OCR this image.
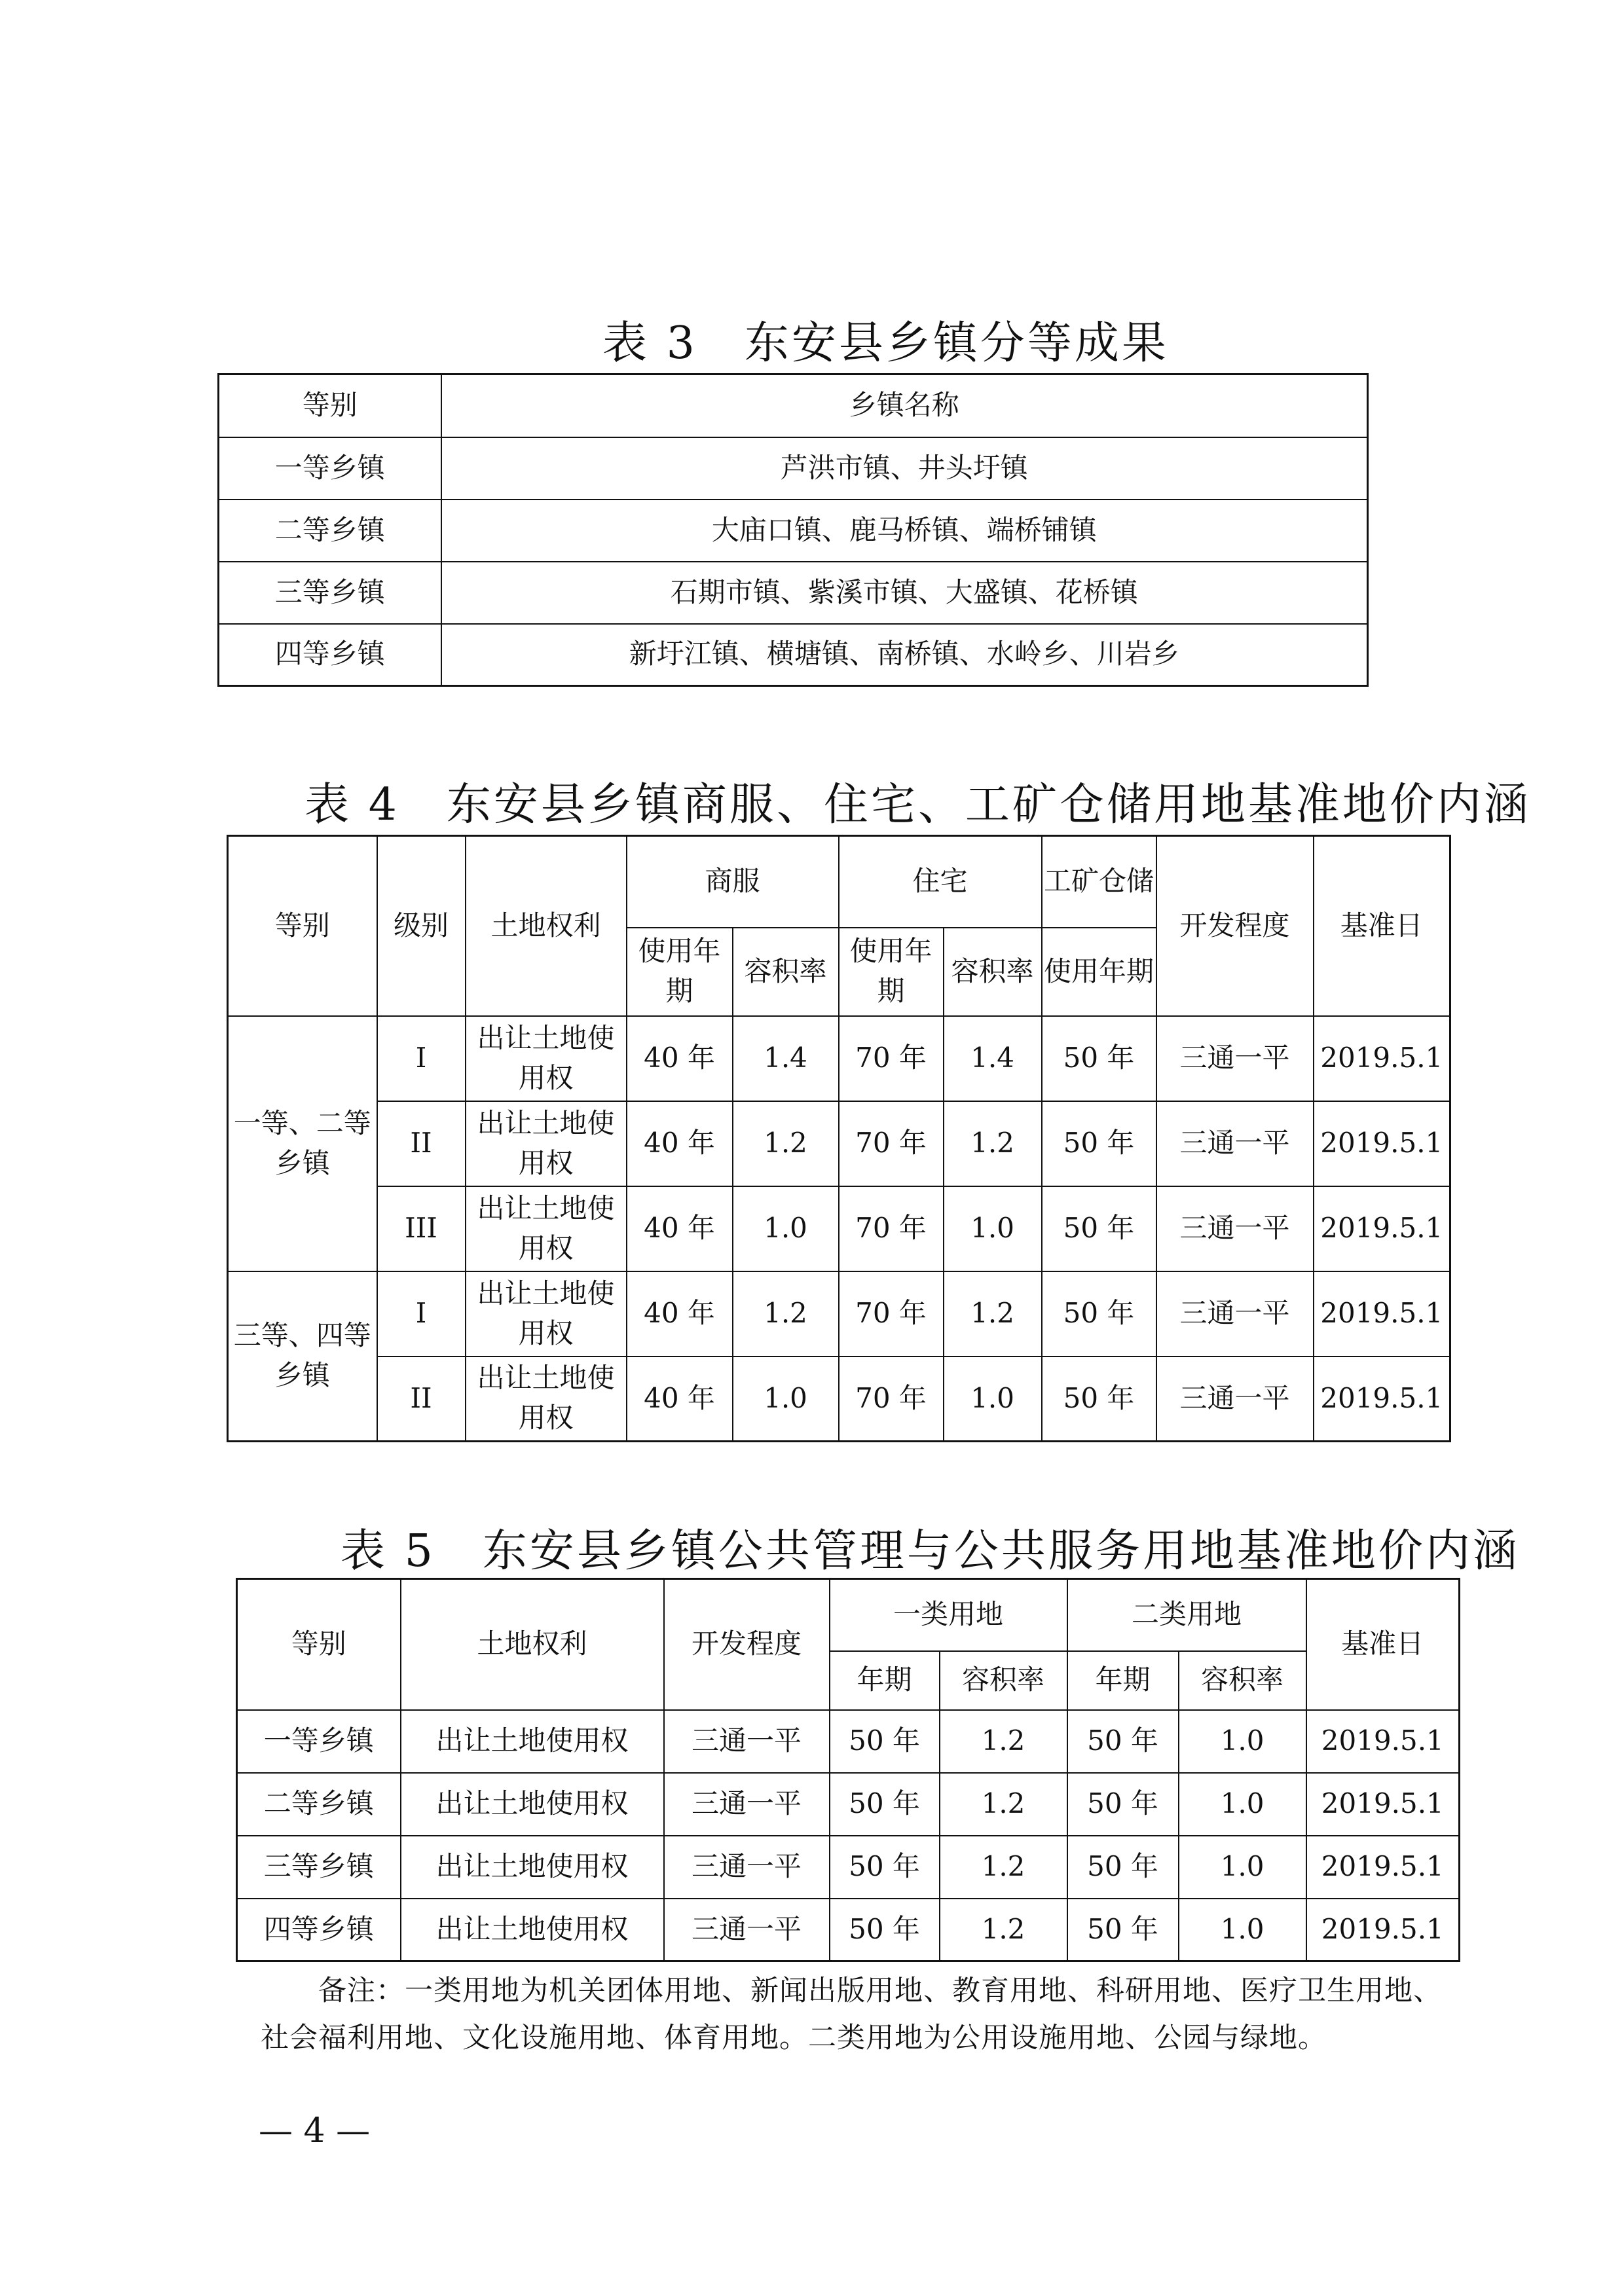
表 3　东安县乡镇分等成果
等别	乡镇名称
一等乡镇	芦洪市镇、井头圩镇
二等乡镇	大庙口镇、鹿马桥镇、端桥铺镇
三等乡镇	石期市镇、紫溪市镇、大盛镇、花桥镇
四等乡镇	新圩江镇、横塘镇、南桥镇、水岭乡、川岩乡
表 4　东安县乡镇商服、住宅、工矿仓储用地基准地价内涵
等别	级别	土地权利	商服		住宅		工矿仓储	开发程度	基准日
			使用年期	容积率	使用年期	容积率	使用年期		
一等、二等乡镇	I	出让土地使用权	40 年	1.4	70 年	1.4	50 年	三通一平	2019.5.1
	II	出让土地使用权	40 年	1.2	70 年	1.2	50 年	三通一平	2019.5.1
	III	出让土地使用权	40 年	1.0	70 年	1.0	50 年	三通一平	2019.5.1
三等、四等乡镇	I	出让土地使用权	40 年	1.2	70 年	1.2	50 年	三通一平	2019.5.1
	II	出让土地使用权	40 年	1.0	70 年	1.0	50 年	三通一平	2019.5.1
表 5　东安县乡镇公共管理与公共服务用地基准地价内涵
等别	土地权利	开发程度	一类用地		二类用地		基准日
			年期	容积率	年期	容积率	
一等乡镇	出让土地使用权	三通一平	50 年	1.2	50 年	1.0	2019.5.1
二等乡镇	出让土地使用权	三通一平	50 年	1.2	50 年	1.0	2019.5.1
三等乡镇	出让土地使用权	三通一平	50 年	1.2	50 年	1.0	2019.5.1
四等乡镇	出让土地使用权	三通一平	50 年	1.2	50 年	1.0	2019.5.1

备注：一类用地为机关团体用地、新闻出版用地、教育用地、科研用地、医疗卫生用地、社会福利用地、文化设施用地、体育用地。二类用地为公用设施用地、公园与绿地。

— 4 —
